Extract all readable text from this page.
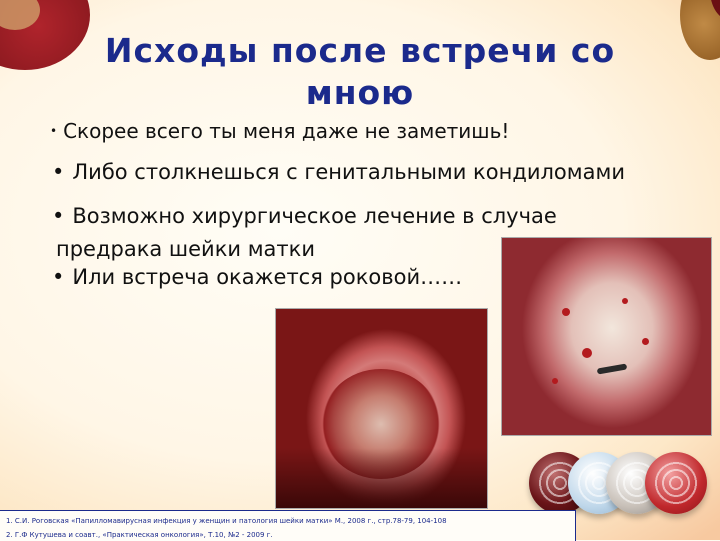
Исходы после встречи со
мною
• Скорее всего ты меня даже не заметишь!
• Либо столкнешься с генитальными кондиломами
• Возможно хирургическое лечение в случае
предрака шейки матки
• Или встреча окажется роковой……
1. С.И. Роговская «Папилломавирусная инфекция у женщин и патология шейки матки» М., 2008 г., стр.78-79, 104-108
2. Г.Ф Кутушева и соавт., «Практическая онкология», Т.10, №2 - 2009 г.
